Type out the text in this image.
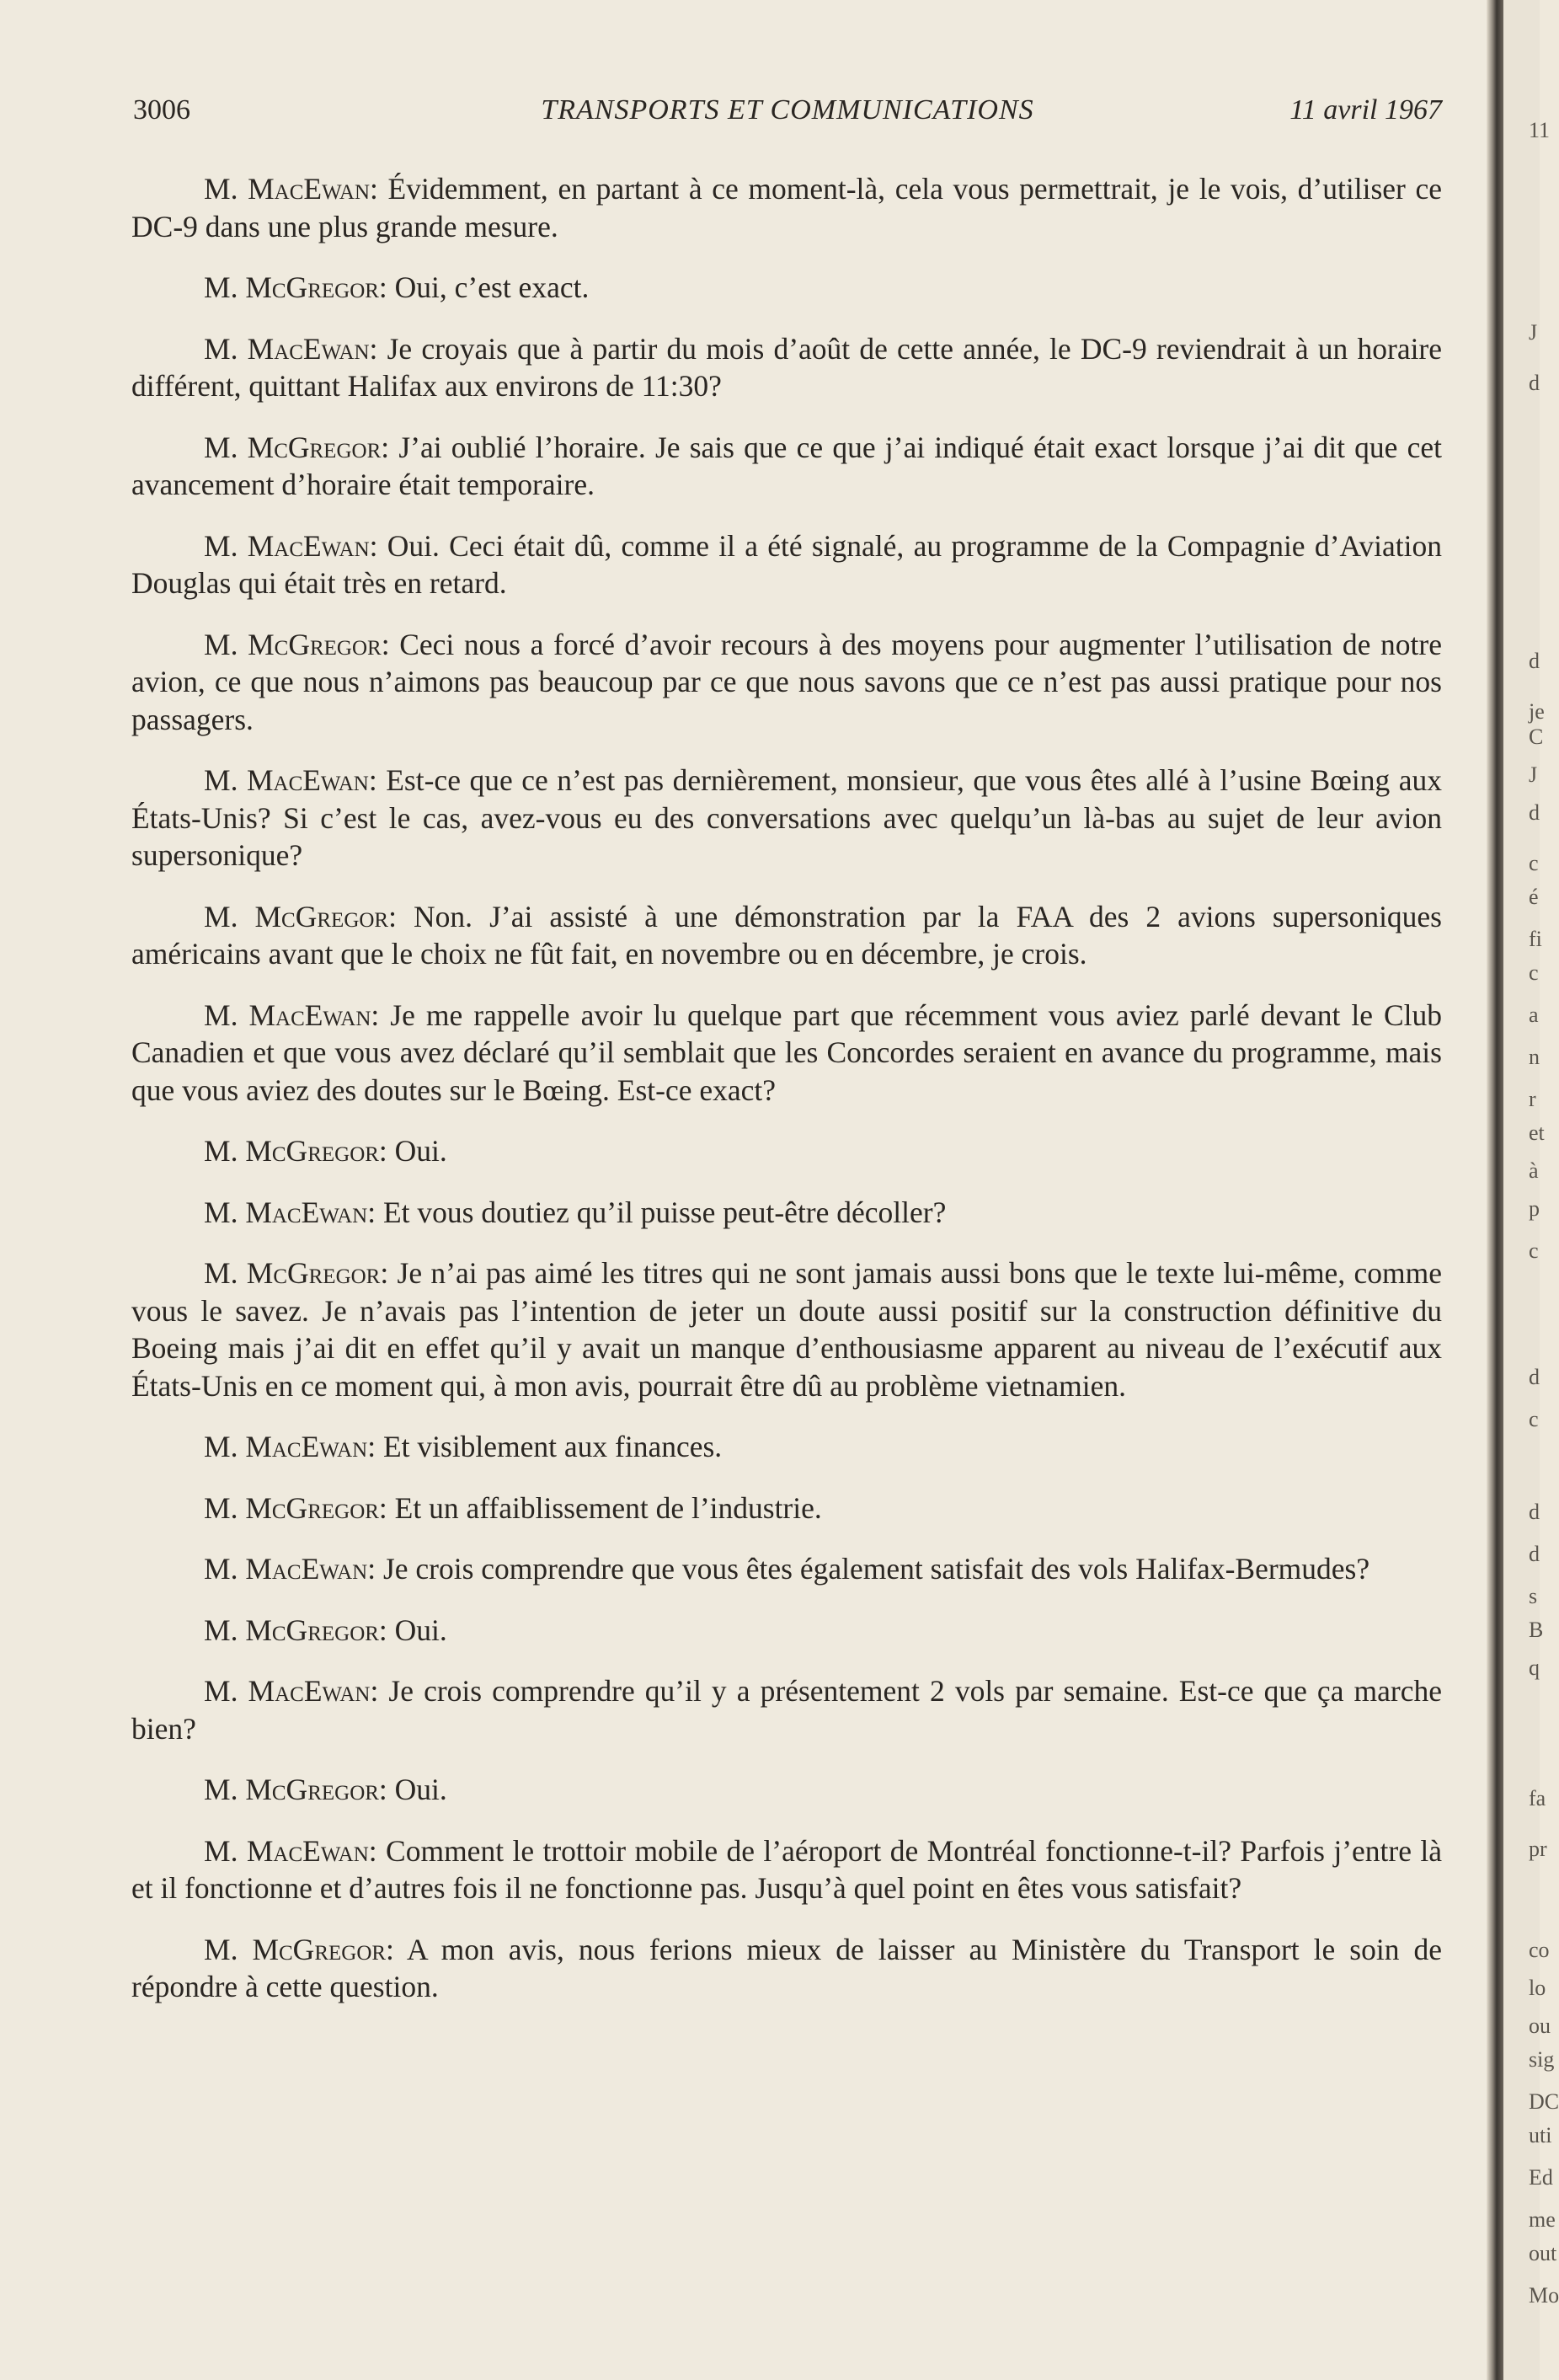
3006	TRANSPORTS ET COMMUNICATIONS	11 avril 1967

M. MacEwan: Évidemment, en partant à ce moment-là, cela vous permettrait, je le vois, d’utiliser ce DC-9 dans une plus grande mesure.

M. McGregor: Oui, c’est exact.

M. MacEwan: Je croyais que à partir du mois d’août de cette année, le DC-9 reviendrait à un horaire différent, quittant Halifax aux environs de 11:30?

M. McGregor: J’ai oublié l’horaire. Je sais que ce que j’ai indiqué était exact lorsque j’ai dit que cet avancement d’horaire était temporaire.

M. MacEwan: Oui. Ceci était dû, comme il a été signalé, au programme de la Compagnie d’Aviation Douglas qui était très en retard.

M. McGregor: Ceci nous a forcé d’avoir recours à des moyens pour augmenter l’utilisation de notre avion, ce que nous n’aimons pas beaucoup par ce que nous savons que ce n’est pas aussi pratique pour nos passagers.

M. MacEwan: Est-ce que ce n’est pas dernièrement, monsieur, que vous êtes allé à l’usine Bœing aux États-Unis? Si c’est le cas, avez-vous eu des conversations avec quelqu’un là-bas au sujet de leur avion supersonique?

M. McGregor: Non. J’ai assisté à une démonstration par la FAA des 2 avions supersoniques américains avant que le choix ne fût fait, en novembre ou en décembre, je crois.

M. MacEwan: Je me rappelle avoir lu quelque part que récemment vous aviez parlé devant le Club Canadien et que vous avez déclaré qu’il semblait que les Concordes seraient en avance du programme, mais que vous aviez des doutes sur le Bœing. Est-ce exact?

M. McGregor: Oui.

M. MacEwan: Et vous doutiez qu’il puisse peut-être décoller?

M. McGregor: Je n’ai pas aimé les titres qui ne sont jamais aussi bons que le texte lui-même, comme vous le savez. Je n’avais pas l’intention de jeter un doute aussi positif sur la construction définitive du Boeing mais j’ai dit en effet qu’il y avait un manque d’enthousiasme apparent au niveau de l’exécutif aux États-Unis en ce moment qui, à mon avis, pourrait être dû au problème vietnamien.

M. MacEwan: Et visiblement aux finances.

M. McGregor: Et un affaiblissement de l’industrie.

M. MacEwan: Je crois comprendre que vous êtes également satisfait des vols Halifax-Bermudes?

M. McGregor: Oui.

M. MacEwan: Je crois comprendre qu’il y a présentement 2 vols par semaine. Est-ce que ça marche bien?

M. McGregor: Oui.

M. MacEwan: Comment le trottoir mobile de l’aéroport de Montréal fonctionne-t-il? Parfois j’entre là et il fonctionne et d’autres fois il ne fonctionne pas. Jusqu’à quel point en êtes vous satisfait?

M. McGregor: A mon avis, nous ferions mieux de laisser au Ministère du Transport le soin de répondre à cette question.

11
J
d
d
je
C
J
d
c
é
fi
c
a
n
r
et
à
p
c
d
c
d
d
s
B
q
fa
pr
co
lo
ou
sig
DC
uti
Ed
me
out
Mo
